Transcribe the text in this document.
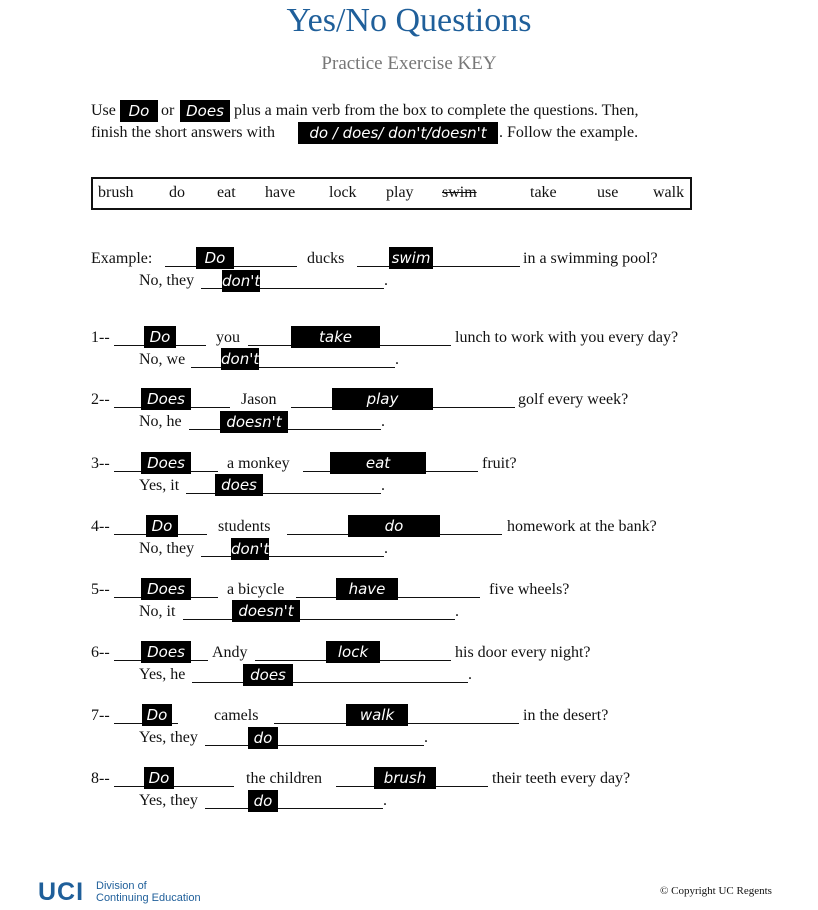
Yes/No Questions
Practice Exercise KEY
Use Do or Does plus a main verb from the box to complete the questions. Then,
finish the short answers with	do / does/ don't/doesn't . Follow the example.
brush do eat have lock play swim	take	use walk
Example:	Do	ducks	swim	in a swimming pool?
No, they don't	.
1--	Do	you	take	lunch to work with you every day?
No, we don't	.
2--	Does	Jason	play	golf every week?
No, he	doesn't	.
3--	Does	a monkey	eat	fruit?
Yes, it	does	.
4--	Do	students	do	homework at the bank?
No, they don't	.
5--	Does	a bicycle	have	five wheels?
No, it	doesn't	.
6--	Does	Andy	lock	his door every night?
Yes, he	does	.
7--	Do	camels	walk	in the desert?
Yes, they	do	.
8--	Do	the children	brush	their teeth every day?
Yes, they	do	.
UCI Division of
Continuing Education
© Copyright UC Regents
